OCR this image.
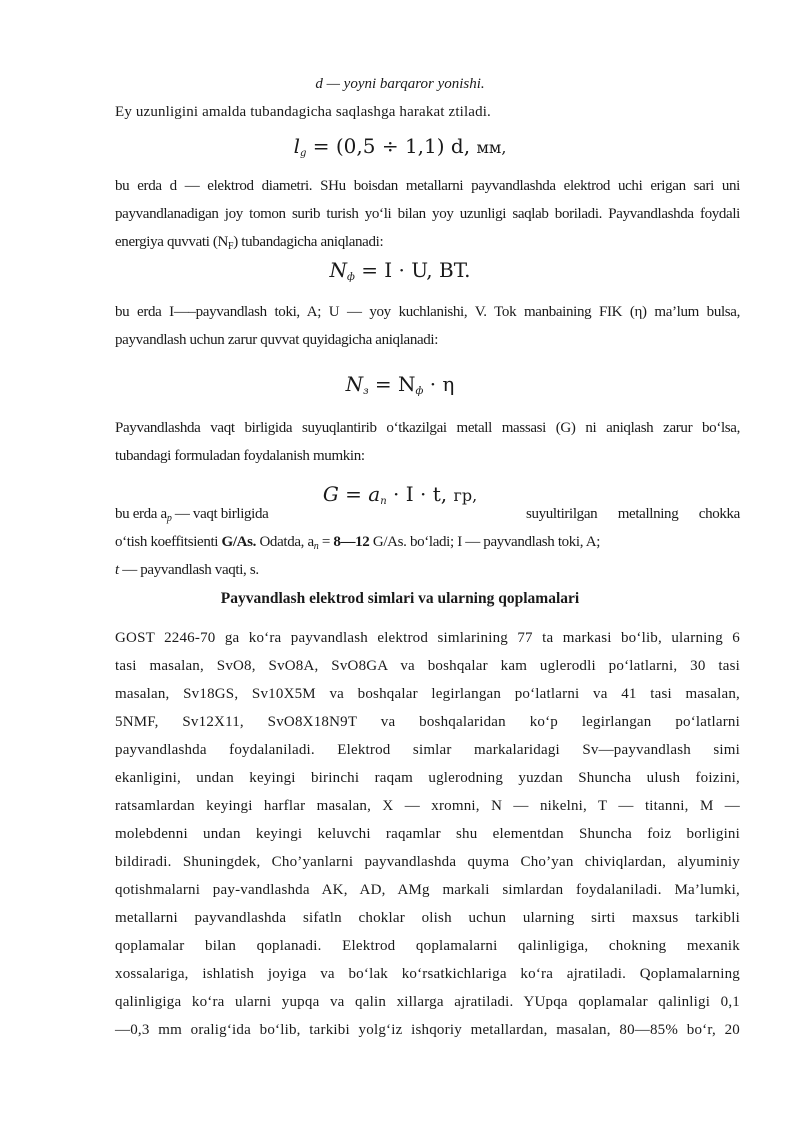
d — yoyni barqaror yonishi.
Ey uzunligini amalda tubandagicha saqlashga harakat ztiladi.
$l_g = (0,5 \div 1,1)$ d, мм,
bu erda d — elektrod diametri. SHu boisdan metallarni payvandlashda elektrod uchi erigan sari uni
payvandlanadigan joy tomon surib turish yo‘li bilan yoy uzunligi saqlab boriladi. Payvandlashda foydali
energiya quvvati $(N_F)$ tubandagicha aniqlanadi:
$N_ф = I \cdot U$, BT.
bu erda I—–payvandlash toki, A; U — yoy kuchlanishi, V. Tok manbaining FIK (η) ma’lum bulsa,
payvandlash uchun zarur quvvat quyidagicha aniqlanadi:
$N_з = N_ф \cdot \eta$
Payvandlashda vaqt birligida suyuqlantirib o‘tkazilgai metall massasi (G) ni aniqlash zarur bo‘lsa,
tubandagi formuladan foydalanish mumkin:
$G = a_п \cdot I \cdot t$, гр,
bu erda $a_p$ — vaqt birligida	suyultirilgan metallning chokka
o‘tish koeffitsienti G/As. Odatda, $a_n$ = 8—12 G/As. bo‘ladi; I — payvandlash toki, A;
t — payvandlash vaqti, s.
Payvandlash elektrod simlari va ularning qoplamalari
GOST 2246-70 ga ko‘ra payvandlash elektrod simlarining 77 ta markasi bo‘lib, ularning 6
tasi masalan, SvO8, SvO8A, SvO8GA va boshqalar kam uglerodli po‘latlarni, 30 tasi
masalan, Sv18GS, Sv10X5M va boshqalar legirlangan po‘latlarni va 41 tasi masalan,
5NMF, Sv12X11, SvO8X18N9T va boshqalaridan ko‘p legirlangan po‘latlarni
payvandlashda foydalaniladi. Elektrod simlar markalaridagi Sv—payvandlash simi
ekanligini, undan keyingi birinchi raqam uglerodning yuzdan Shuncha ulush foizini,
ratsamlardan keyingi harflar masalan, X — xromni, N — nikelni, T — titanni, M —
molebdenni undan keyingi keluvchi raqamlar shu elementdan Shuncha foiz borligini
bildiradi. Shuningdek, Cho’yanlarni payvandlashda quyma Cho’yan chiviqlardan, alyuminiy
qotishmalarni pay-vandlashda AK, AD, AMg markali simlardan foydalaniladi. Ma’lumki,
metallarni payvandlashda sifatln choklar olish uchun ularning sirti maxsus tarkibli
qoplamalar bilan qoplanadi. Elektrod qoplamalarni qalinligiga, chokning mexanik
xossalariga, ishlatish joyiga va bo‘lak ko‘rsatkichlariga ko‘ra ajratiladi. Qoplamalarning
qalinligiga ko‘ra ularni yupqa va qalin xillarga ajratiladi. YUpqa qoplamalar qalinligi 0,1
—0,3 mm oralig‘ida bo‘lib, tarkibi yolg‘iz ishqoriy metallardan, masalan, 80—85% bo‘r, 20
